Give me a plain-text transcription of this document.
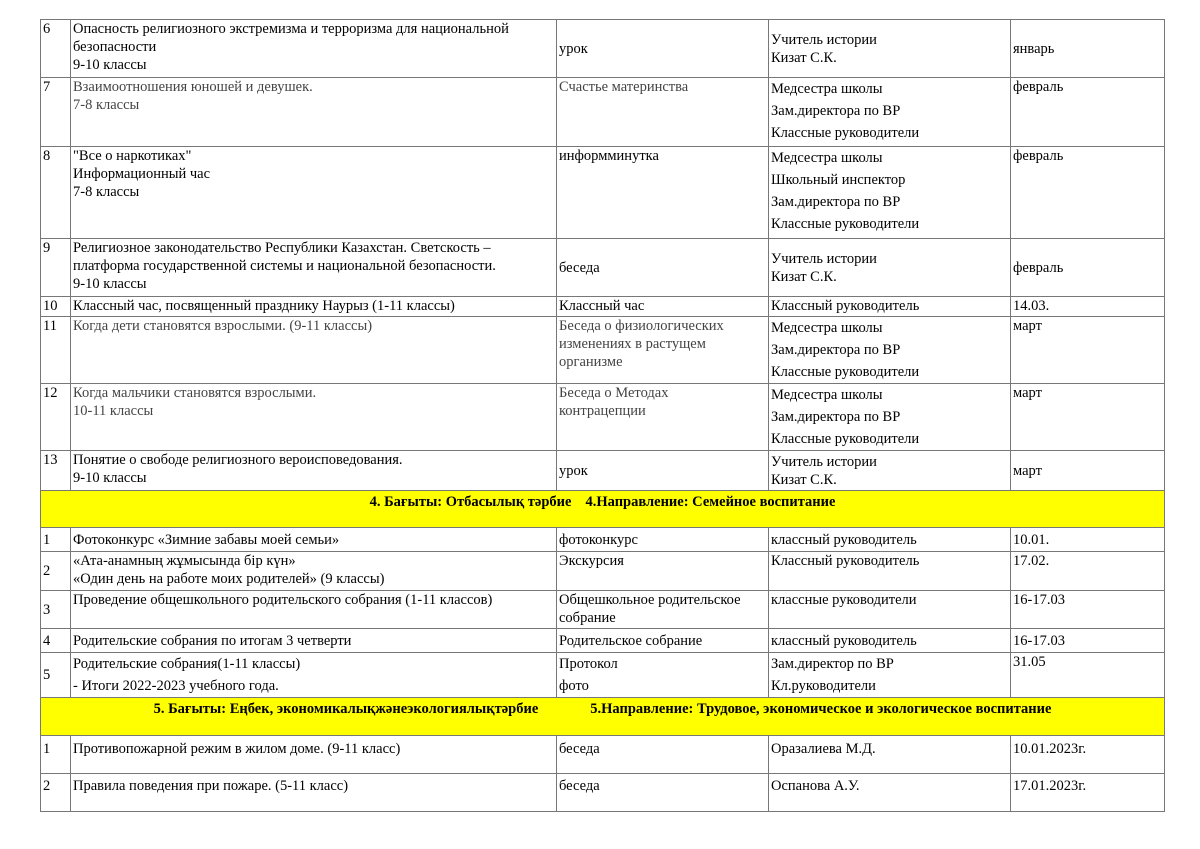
6	Опасность религиозного экстремизма и терроризма для национальной
безопасности
9-10 классы	урок	Учитель истории
Кизат С.К.	январь
7	Взаимоотношения юношей и девушек.
7-8 классы	Счастье материнства	Медсестра школы
Зам.директора по ВР
Классные руководители	февраль
8	"Все о наркотиках"
Информационный час
7-8 классы	информминутка	Медсестра школы
Школьный инспектор
Зам.директора по ВР
Классные руководители	февраль
9	Религиозное законодательство Республики Казахстан. Светскость –
платформа государственной системы и национальной безопасности.
9-10 классы	беседа	Учитель истории
Кизат С.К.	февраль
10	Классный час, посвященный празднику Наурыз (1-11 классы)	Классный час	Классный руководитель	14.03.
11	Когда дети становятся взрослыми. (9-11 классы)	Беседа о физиологических
изменениях в растущем
организме	Медсестра школы
Зам.директора по ВР
Классные руководители	март
12	Когда мальчики становятся взрослыми.
10-11 классы	Беседа о Методах
контрацепции	Медсестра школы
Зам.директора по ВР
Классные руководители	март
13	Понятие о свободе религиозного вероисповедования.
9-10 классы	урок	Учитель истории
Кизат С.К.	март
4. Бағыты: Отбасылық тәрбие 4.Направление: Семейное воспитание				
1	Фотоконкурс «Зимние забавы моей семьи»	фотоконкурс	классный руководитель	10.01.
2	«Ата-анамның жұмысында бір күн»
«Один день на работе моих родителей» (9 классы)	Экскурсия	Классный руководитель	17.02.
3	Проведение общешкольного родительского собрания (1-11 классов)	Общешкольное родительское
собрание	классные руководители	16-17.03
4	Родительские собрания по итогам 3 четверти	Родительское собрание	классный руководитель	16-17.03
5	Родительские собрания(1-11 классы)
- Итоги 2022-2023 учебного года.	Протокол
фото	Зам.директор по ВР
Кл.руководители	31.05
5. Бағыты: Еңбек, экономикалықжәнеэкологиялықтәрбие 5.Направление: Трудовое, экономическое и экологическое воспитание				
1	Противопожарной режим в жилом доме. (9-11 класс)	беседа	Оразалиева М.Д.	10.01.2023г.
2	Правила поведения при пожаре. (5-11 класс)	беседа	Оспанова А.У.	17.01.2023г.
